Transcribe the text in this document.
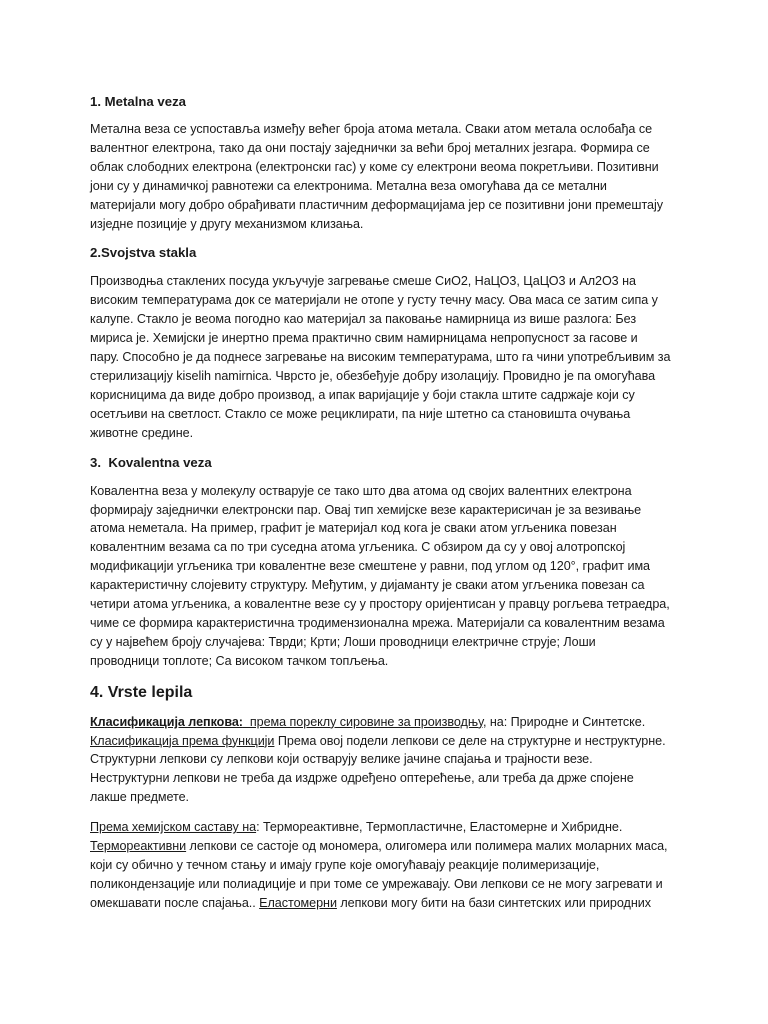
1. Metalna veza
Метална веза се успоставља између већег броја атома метала. Сваки атом метала ослобађа се
валентног електрона, тако да они постају заједнички за већи број металних језгара. Формира се
облак слободних електрона (електронски гас) у коме су електрони веома покретљиви. Позитивни
јони су у динамичкој равнотежи са електронима. Метална веза омогућава да се метални
материјали могу добро обрађивати пластичним деформацијама јер се позитивни јони премештају
изједне позиције у другу механизмом клизања.
2.Svojstva stakla
Производња стаклених посуда укључује загревање смеше СиО2, НаЦО3, ЦаЦО3 и Ал2О3 на
високим температурама док се материјали не отопе у густу течну масу. Ова маса се затим сипа у
калупе. Стакло је веома погодно као материјал за паковање намирница из више разлога: Без
мириса је. Хемијски је инертно према практично свим намирницама непропусност за гасове и
пару. Способно је да поднесе загревање на високим температурама, што га чини употребљивим за
стерилизацију kiselih namirnica. Чврсто је, обезбеђује добру изолацију. Провидно је па омогућава
корисницима да виде добро производ, а ипак варијације у боји стакла штите садржаје који су
осетљиви на светлост. Стакло се може рециклирати, па није штетно са становишта очувања
животне средине.
3.  Kovalentna veza
Ковалентна веза у молекулу остварује се тако што два атома од својих валентних електрона
формирају заједнички електронски пар. Овај тип хемијске везе карактерисичан је за везивање
атома неметала. На пример, графит је материјал код кога је сваки атом угљеника повезан
ковалентним везама са по три суседна атома угљеника. С обзиром да су у овој алотропској
модификацији угљеника три ковалентне везе смештене у равни, под углом од 120°, графит има
карактеристичну слојевиту структуру. Међутим, у дијаманту је сваки атом угљеника повезан са
четири атома угљеника, а ковалентне везе су у простору оријентисан у правцу рогљева тетраедра,
чиме се формира карактеристична тродимензионална мрежа. Материјали са ковалентним везама
су у највећем броју случајева: Тврди; Крти; Лоши проводници електричне струје; Лоши
проводници топлоте; Са високом тачком топљења.
4. Vrste lepila
Класификација лепкова:  према пореклу сировине за производњу, на: Природне и Синтетске.
Класификација према функцији Према овој подели лепкови се деле на структурне и неструктурне.
Структурни лепкови су лепкови који остварују велике јачине спајања и трајности везе.
Неструктурни лепкови не треба да издрже одређено оптерећење, али треба да држе спојене
лакше предмете.
Према хемијском саставу на: Термореактивне, Термопластичне, Еластомерне и Хибридне.
Термореактивни лепкови се састоје од мономера, олигомера или полимера малих моларних маса,
који су обично у течном стању и имају групе које омогућавају реакције полимеризације,
поликондензације или полиадиције и при томе се умрежавају. Ови лепкови се не могу загревати и
омекшавати после спајања.. Еластомерни лепкови могу бити на бази синтетских или природних
